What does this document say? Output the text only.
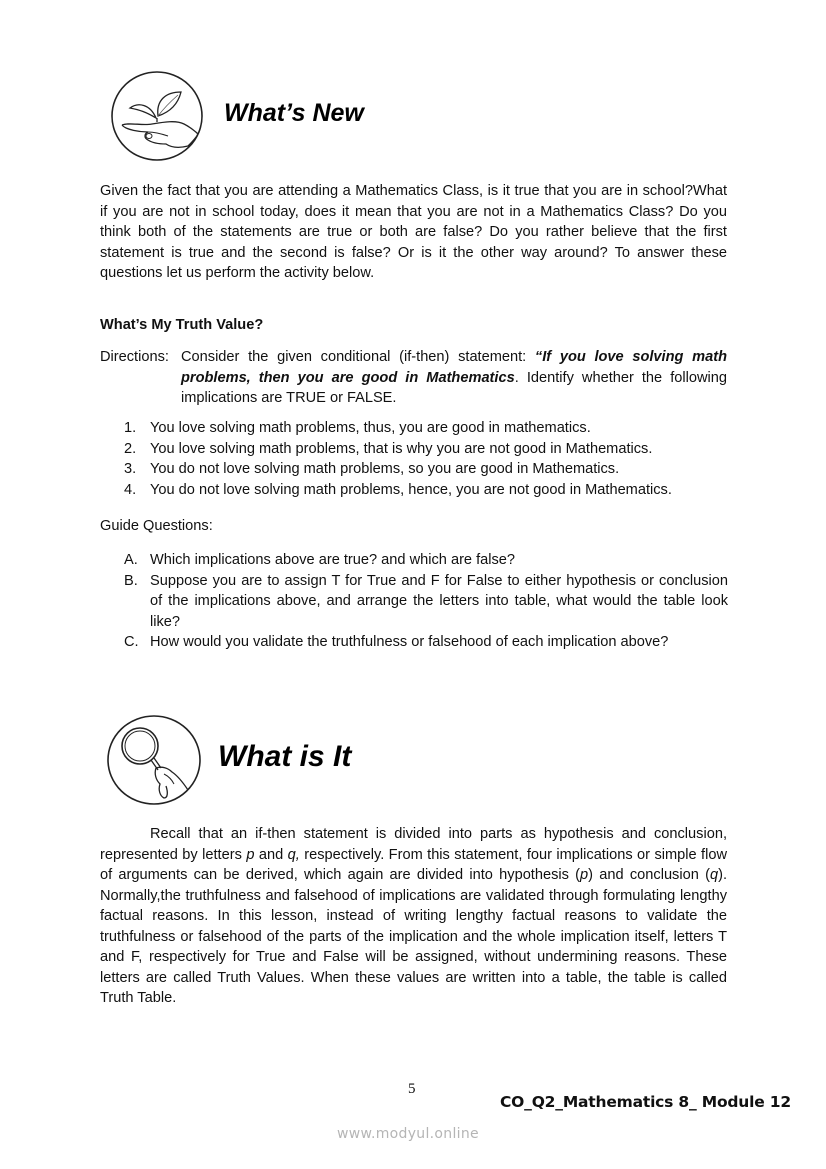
What’s New
Given the fact that you are attending a Mathematics Class, is it true that you are in school?What if you are not in school today, does it mean that you are not in a Mathematics Class? Do you think both of the statements are true or both are false? Do you rather believe that the first statement is true and the second is false? Or is it the other way around? To answer these questions let us perform the activity below.
What’s My Truth Value?
Directions: Consider the given conditional (if-then) statement: “If you love solving math problems, then you are good in Mathematics. Identify whether the following implications are TRUE or FALSE.
1. You love solving math problems, thus, you are good in mathematics.
2. You love solving math problems, that is why you are not good in Mathematics.
3. You do not love solving math problems, so you are good in Mathematics.
4. You do not love solving math problems, hence, you are not good in Mathematics.
Guide Questions:
A. Which implications above are true? and which are false?
B. Suppose you are to assign T for True and F for False to either hypothesis or conclusion of the implications above, and arrange the letters into table, what would the table look like?
C. How would you validate the truthfulness or falsehood of each implication above?
What is It
Recall that an if-then statement is divided into parts as hypothesis and conclusion, represented by letters p and q, respectively. From this statement, four implications or simple flow of arguments can be derived, which again are divided into hypothesis (p) and conclusion (q). Normally,the truthfulness and falsehood of implications are validated through formulating lengthy factual reasons. In this lesson, instead of writing lengthy factual reasons to validate the truthfulness or falsehood of the parts of the implication and the whole implication itself, letters T and F, respectively for True and False will be assigned, without undermining reasons. These letters are called Truth Values. When these values are written into a table, the table is called Truth Table.
5
CO_Q2_Mathematics 8_ Module 12
www.modyul.online
